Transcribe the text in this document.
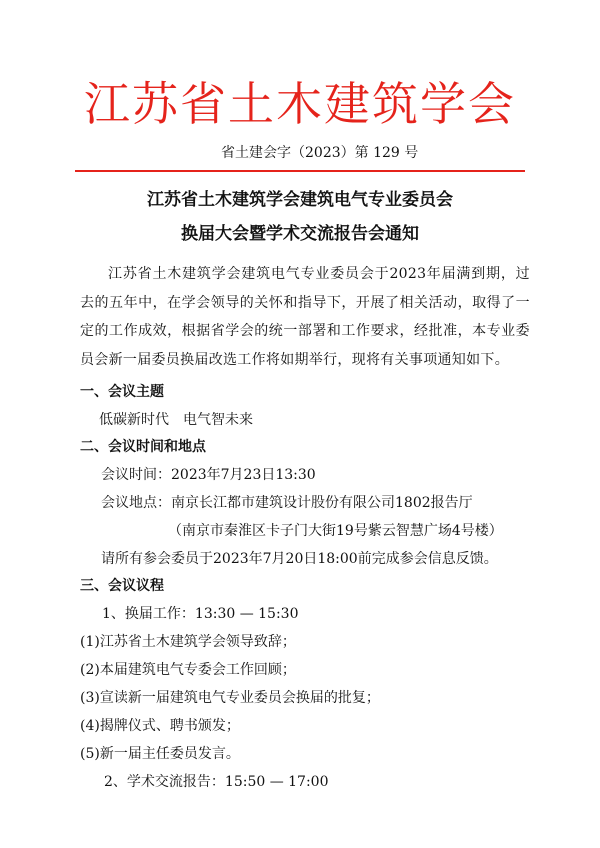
江苏省土木建筑学会
省土建会字（2023）第 129 号
江苏省土木建筑学会建筑电气专业委员会
换届大会暨学术交流报告会通知
江苏省土木建筑学会建筑电气专业委员会于2023年届满到期，过去的五年中，在学会领导的关怀和指导下，开展了相关活动，取得了一定的工作成效，根据省学会的统一部署和工作要求，经批准，本专业委员会新一届委员换届改选工作将如期举行，现将有关事项通知如下。
一、会议主题
低碳新时代　电气智未来
二、会议时间和地点
会议时间：2023年7月23日13:30
会议地点：南京长江都市建筑设计股份有限公司1802报告厅
（南京市秦淮区卡子门大街19号紫云智慧广场4号楼）
请所有参会委员于2023年7月20日18:00前完成参会信息反馈。
三、会议议程
1、换届工作：13:30 — 15:30
(1)江苏省土木建筑学会领导致辞；
(2)本届建筑电气专委会工作回顾；
(3)宣读新一届建筑电气专业委员会换届的批复；
(4)揭牌仪式、聘书颁发；
(5)新一届主任委员发言。
2、学术交流报告：15:50 — 17:00
